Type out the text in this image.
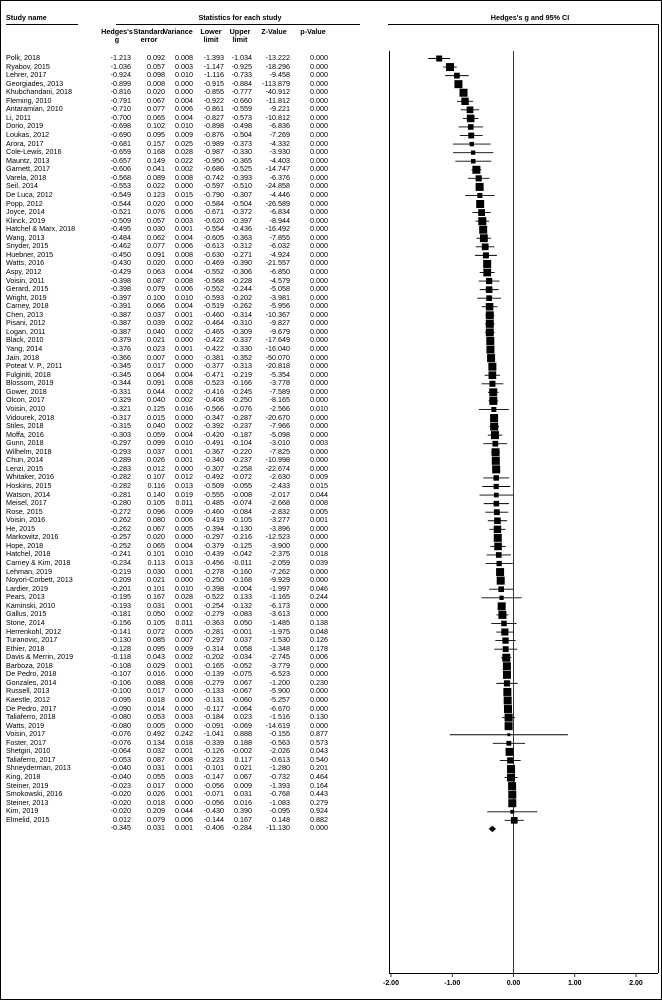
Study name	Statistics for each study	Hedges's g and 95% CI
Hedges's
g
Standard
error
Variance	Lower
limit
Upper
limit
Z-Value	p-Value
Polk, 2018	-1.213	0.092	0.008	-1.393	-1.034	-13.222	0.000
Ryabov, 2015	-1.036	0.057	0.003	-1.147	-0.925	-18.296	0.000
Lehrer, 2017	-0.924	0.098	0.010	-1.116	-0.733	-9.458	0.000
Georgiades, 2013	-0.899	0.008	0.000	-0.915	-0.884	-113.879	0.000
Khubchandani, 2018	-0.816	0.020	0.000	-0.855	-0.777	-40.912	0.000
Fleming, 2010	-0.791	0.067	0.004	-0.922	-0.660	-11.812	0.000
Antaramian, 2010	-0.710	0.077	0.006	-0.861	-0.559	-9.221	0.000
Li, 2011	-0.700	0.065	0.004	-0.827	-0.573	-10.812	0.000
Dorio, 2019	-0.698	0.102	0.010	-0.898	-0.498	-6.836	0.000
Loukas, 2012	-0.690	0.095	0.009	-0.876	-0.504	-7.269	0.000
Arora, 2017	-0.681	0.157	0.025	-0.989	-0.373	-4.332	0.000
Cole-Lewis, 2016	-0.659	0.168	0.028	-0.987	-0.330	-3.930	0.000
Mauntz, 2013	-0.657	0.149	0.022	-0.950	-0.365	-4.403	0.000
Garnett, 2017	-0.606	0.041	0.002	-0.686	-0.525	-14.747	0.000
Varela, 2018	-0.568	0.089	0.008	-0.742	-0.393	-6.376	0.000
Seil, 2014	-0.553	0.022	0.000	-0.597	-0.510	-24.858	0.000
De Luca, 2012	-0.549	0.123	0.015	-0.790	-0.307	-4.446	0.000
Popp, 2012	-0.544	0.020	0.000	-0.584	-0.504	-26.589	0.000
Joyce, 2014	-0.521	0.076	0.006	-0.671	-0.372	-6.834	0.000
Klinck, 2019	-0.509	0.057	0.003	-0.620	-0.397	-8.944	0.000
Hatchel & Marx, 2018	-0.495	0.030	0.001	-0.554	-0.436	-16.492	0.000
Wang, 2013	-0.484	0.062	0.004	-0.605	-0.363	-7.855	0.000
Snyder, 2015	-0.462	0.077	0.006	-0.613	-0.312	-6.032	0.000
Huebner, 2015	-0.450	0.091	0.008	-0.630	-0.271	-4.924	0.000
Watts, 2016	-0.430	0.020	0.000	-0.469	-0.390	-21.557	0.000
Aspy, 2012	-0.429	0.063	0.004	-0.552	-0.306	-6.850	0.000
Voisin, 2011	-0.398	0.087	0.008	-0.568	-0.228	-4.579	0.000
Gerard, 2015	-0.398	0.079	0.006	-0.552	-0.244	-5.058	0.000
Wright, 2019	-0.397	0.100	0.010	-0.593	-0.202	-3.981	0.000
Carney, 2018	-0.391	0.066	0.004	-0.519	-0.262	-5.956	0.000
Chen, 2013	-0.387	0.037	0.001	-0.460	-0.314	-10.367	0.000
Pisani, 2012	-0.387	0.039	0.002	-0.464	-0.310	-9.827	0.000
Logan, 2011	-0.387	0.040	0.002	-0.465	-0.309	-9.679	0.000
Black, 2010	-0.379	0.021	0.000	-0.422	-0.337	-17.649	0.000
Yang, 2014	-0.376	0.023	0.001	-0.422	-0.330	-16.040	0.000
Jain, 2018	-0.366	0.007	0.000	-0.381	-0.352	-50.070	0.000
Poteat V. P., 2011	-0.345	0.017	0.000	-0.377	-0.313	-20.818	0.000
Fulginiti, 2018	-0.345	0.064	0.004	-0.471	-0.219	-5.354	0.000
Blossom, 2019	-0.344	0.091	0.008	-0.523	-0.166	-3.778	0.000
Gower, 2018	-0.331	0.044	0.002	-0.416	-0.245	-7.589	0.000
Olcon, 2017	-0.329	0.040	0.002	-0.408	-0.250	-8.165	0.000
Voisin, 2010	-0.321	0.125	0.016	-0.566	-0.076	-2.566	0.010
Vidourek, 2018	-0.317	0.015	0.000	-0.347	-0.287	-20.670	0.000
Stiles, 2018	-0.315	0.040	0.002	-0.392	-0.237	-7.966	0.000
Moffa, 2016	-0.303	0.059	0.004	-0.420	-0.187	-5.098	0.000
Gunn, 2018	-0.297	0.099	0.010	-0.491	-0.104	-3.010	0.003
Wilhelm, 2018	-0.293	0.037	0.001	-0.367	-0.220	-7.825	0.000
Chun, 2014	-0.289	0.026	0.001	-0.340	-0.237	-10.998	0.000
Lenzi, 2015	-0.283	0.012	0.000	-0.307	-0.258	-22.674	0.000
Whitaker, 2016	-0.282	0.107	0.012	-0.492	-0.072	-2.630	0.009
Hoskins, 2015	-0.282	0.116	0.013	-0.509	-0.055	-2.433	0.015
Watson, 2014	-0.281	0.140	0.019	-0.555	-0.008	-2.017	0.044
Meisel, 2017	-0.280	0.105	0.011	-0.485	-0.074	-2.668	0.008
Rose, 2015	-0.272	0.096	0.009	-0.460	-0.084	-2.832	0.005
Voisin, 2016	-0.262	0.080	0.006	-0.419	-0.105	-3.277	0.001
He, 2015	-0.262	0.067	0.005	-0.394	-0.130	-3.896	0.000
Markowitz, 2016	-0.257	0.020	0.000	-0.297	-0.216	-12.523	0.000
Hope, 2018	-0.252	0.065	0.004	-0.379	-0.125	-3.900	0.000
Hatchel, 2018	-0.241	0.101	0.010	-0.439	-0.042	-2.375	0.018
Carney & Kim, 2018	-0.234	0.113	0.013	-0.456	-0.011	-2.059	0.039
Lehman, 2019	-0.219	0.030	0.001	-0.278	-0.160	-7.262	0.000
Noyori-Corbett, 2013	-0.209	0.021	0.000	-0.250	-0.168	-9.929	0.000
Lardier, 2019	-0.201	0.101	0.010	-0.398	-0.004	-1.997	0.046
Pears, 2013	-0.195	0.167	0.028	-0.522	0.133	-1.165	0.244
Kaminski, 2010	-0.193	0.031	0.001	-0.254	-0.132	-6.173	0.000
Gallus, 2015	-0.181	0.050	0.002	-0.279	-0.083	-3.613	0.000
Stone, 2014	-0.156	0.105	0.011	-0.363	0.050	-1.485	0.138
Herrenkohl, 2012	-0.141	0.072	0.005	-0.281	-0.001	-1.975	0.048
Turanovic, 2017	-0.130	0.085	0.007	-0.297	0.037	-1.530	0.126
Ethier, 2018	-0.128	0.095	0.009	-0.314	0.058	-1.348	0.178
Davis & Merrin, 2019	-0.118	0.043	0.002	-0.202	-0.034	-2.745	0.006
Barboza, 2018	-0.108	0.029	0.001	-0.165	-0.052	-3.779	0.000
De Pedro, 2018	-0.107	0.016	0.000	-0.139	-0.075	-6.523	0.000
Gonzales, 2014	-0.106	0.088	0.008	-0.279	0.067	-1.200	0.230
Russell, 2013	-0.100	0.017	0.000	-0.133	-0.067	-5.900	0.000
Kaestle, 2012	-0.095	0.018	0.000	-0.131	-0.060	-5.257	0.000
De Pedro, 2017	-0.090	0.014	0.000	-0.117	-0.064	-6.670	0.000
Taliaferro, 2018	-0.080	0.053	0.003	-0.184	0.023	-1.516	0.130
Watts, 2019	-0.080	0.005	0.000	-0.091	-0.069	-14.619	0.000
Voisin, 2017	-0.076	0.492	0.242	-1.041	0.888	-0.155	0.877
Foster, 2017	-0.076	0.134	0.018	-0.339	0.188	-0.563	0.573
Shetgiri, 2010	-0.064	0.032	0.001	-0.126	-0.002	-2.026	0.043
Taliaferro, 2017	-0.053	0.087	0.008	-0.223	0.117	-0.613	0.540
Shneyderman, 2013	-0.040	0.031	0.001	-0.101	0.021	-1.280	0.201
King, 2018	-0.040	0.055	0.003	-0.147	0.067	-0.732	0.464
Steiner, 2019	-0.023	0.017	0.000	-0.056	0.009	-1.393	0.164
Smokowski, 2016	-0.020	0.026	0.001	-0.071	0.031	-0.768	0.443
Steiner, 2013	-0.020	0.018	0.000	-0.056	0.016	-1.083	0.279
Kim, 2019	-0.020	0.209	0.044	-0.430	0.390	-0.095	0.924
Elmelid, 2015	0.012	0.079	0.006	-0.144	0.167	0.148	0.882
-0.345	0.031	0.001	-0.406	-0.284	-11.130	0.000
-2.00	-1.00	0.00	1.00	2.00
